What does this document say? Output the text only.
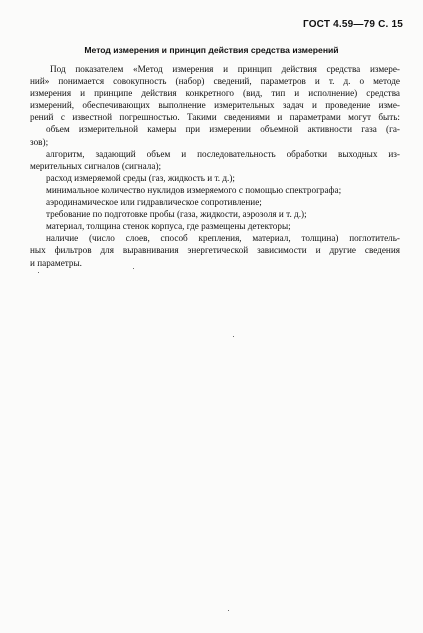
ГОСТ 4.59—79 С. 15
Метод измерения и принцип действия средства измерений
Под показателем «Метод измерения и принцип действия средства измере-
ний» понимается совокупность (набор) сведений, параметров и т. д. о методе
измерения и принципе действия конкретного (вид, тип и исполнение) средства
измерений, обеспечивающих выполнение измерительных задач и проведение изме-
рений с известной погрешностью. Такими сведениями и параметрами могут быть:
объем измерительной камеры при измерении объемной активности газа (га-
зов);
алгоритм, задающий объем и последовательность обработки выходных из-
мерительных сигналов (сигнала);
расход измеряемой среды (газ, жидкость и т. д.);
минимальное количество нуклидов измеряемого с помощью спектрографа;
аэродинамическое или гидравлическое сопротивление;
требование по подготовке пробы (газа, жидкости, аэрозоля и т. д.);
материал, толщина стенок корпуса, где размещены детекторы;
наличие (число слоев, способ крепления, материал, толщина) поглотитель-
ных фильтров для выравнивания энергетической зависимости и другие сведения
и параметры.
